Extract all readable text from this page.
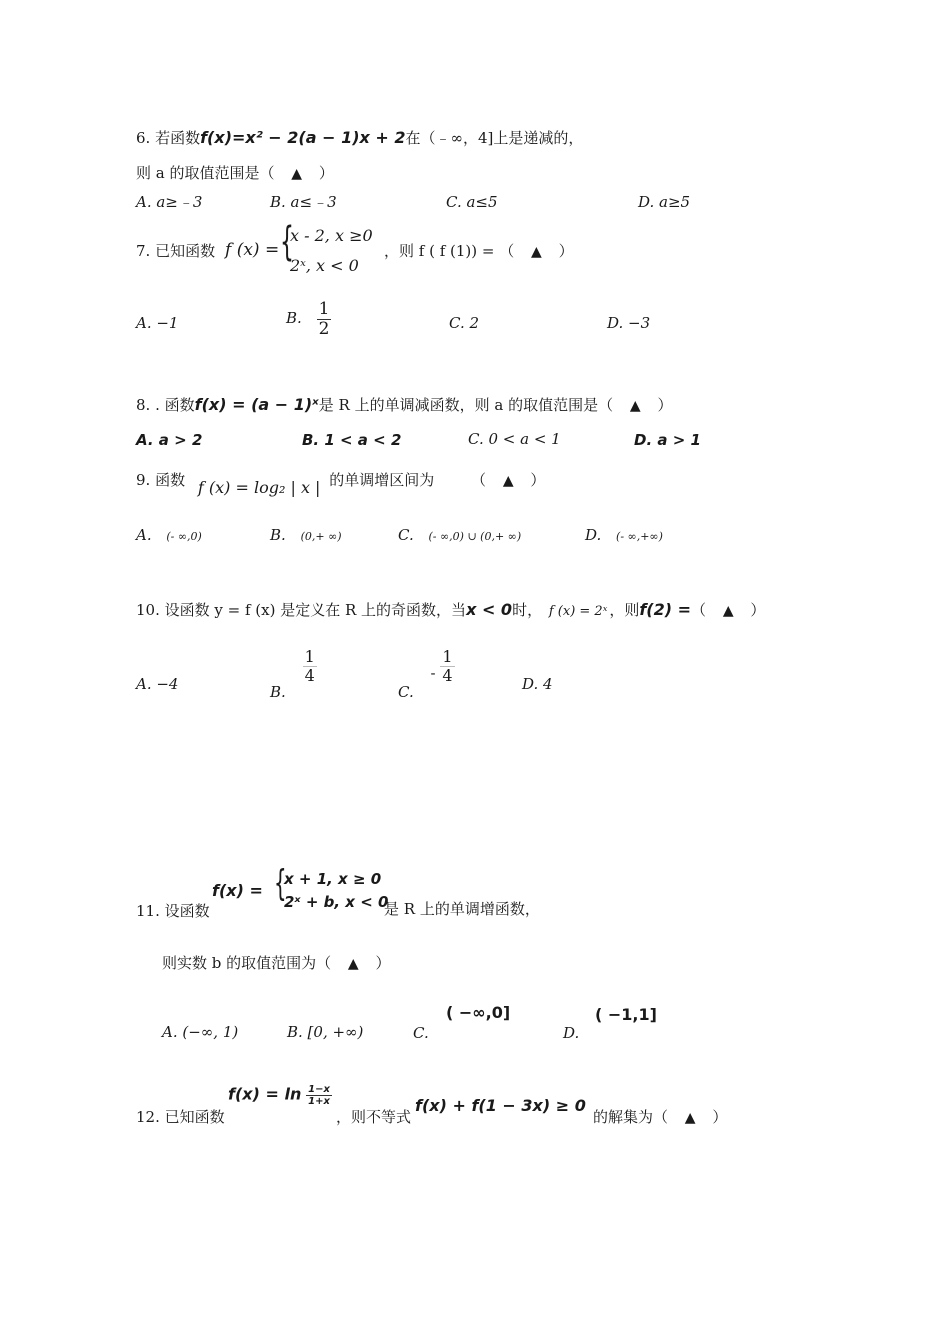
6. 若函数f(x)=x² − 2(a − 1)x + 2在（﹣∞，4]上是递减的，
则 a 的取值范围是（ ▲ ）
A. a≥﹣3	B. a≤﹣3	C. a≤5	D. a≥5
7. 已知函数 f (x) = {
x - 2, x ≥0
2ˣ, x < 0
，则 f ( f (1)) = （ ▲ ）
A. −1	B. $\frac{1}{2}$	C. 2	D. −3
8. . 函数f(x) = (a − 1)ˣ是 R 上的单调减函数，则 a 的取值范围是（ ▲ ）
A. a > 2	B. 1 < a < 2	C. 0 < a < 1	D. a > 1
9. 函数 f (x) = log₂ | x | 的单调增区间为 （ ▲ ）
A. (- ∞,0)	B. (0,+ ∞)	C. (- ∞,0) ∪ (0,+ ∞)	D. (- ∞,+∞)
10. 设函数 y = f (x) 是定义在 R 上的奇函数，当x < 0时， f (x) = 2ˣ ，则f(2) =（ ▲ ）
A. −4	B.
$\frac{1}{4}$
C. - $\frac{1}{4}$	D. 4
f(x) = {
x + 1, x ≥ 0
2ˣ + b, x < 0
11. 设函数	是 R 上的单调增函数，
则实数 b 的取值范围为（ ▲ ）
A. (−∞, 1)	B. [0, +∞)	C.
( −∞,0]
D.
( −1,1]
12. 已知函数
$f(x) = \ln \frac{1-x}{1+x}$
，则不等式
f(x) + f(1 − 3x) ≥ 0
的解集为（ ▲ ）
